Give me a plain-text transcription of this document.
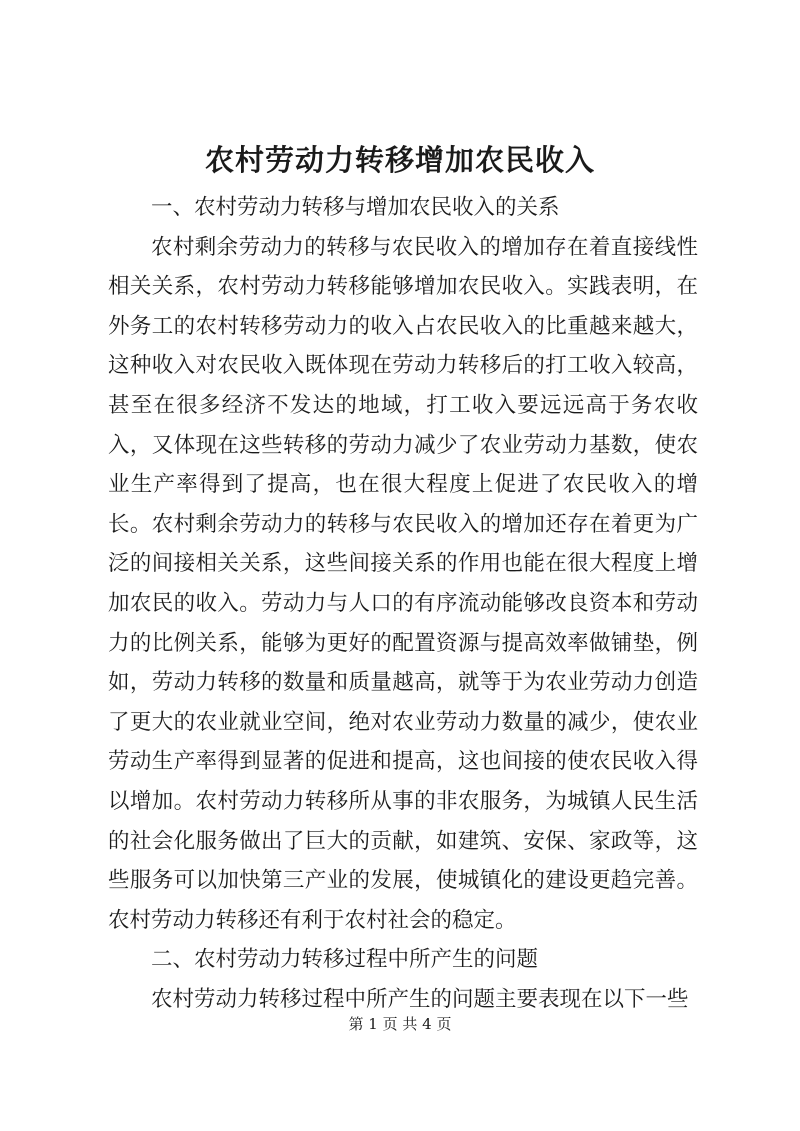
农村劳动力转移增加农民收入

一、农村劳动力转移与增加农民收入的关系

农村剩余劳动力的转移与农民收入的增加存在着直接线性相关关系，农村劳动力转移能够增加农民收入。实践表明，在外务工的农村转移劳动力的收入占农民收入的比重越来越大，这种收入对农民收入既体现在劳动力转移后的打工收入较高，甚至在很多经济不发达的地域，打工收入要远远高于务农收入，又体现在这些转移的劳动力减少了农业劳动力基数，使农业生产率得到了提高，也在很大程度上促进了农民收入的增长。农村剩余劳动力的转移与农民收入的增加还存在着更为广泛的间接相关关系，这些间接关系的作用也能在很大程度上增加农民的收入。劳动力与人口的有序流动能够改良资本和劳动力的比例关系，能够为更好的配置资源与提高效率做铺垫，例如，劳动力转移的数量和质量越高，就等于为农业劳动力创造了更大的农业就业空间，绝对农业劳动力数量的减少，使农业劳动生产率得到显著的促进和提高，这也间接的使农民收入得以增加。农村劳动力转移所从事的非农服务，为城镇人民生活的社会化服务做出了巨大的贡献，如建筑、安保、家政等，这些服务可以加快第三产业的发展，使城镇化的建设更趋完善。农村劳动力转移还有利于农村社会的稳定。

二、农村劳动力转移过程中所产生的问题

农村劳动力转移过程中所产生的问题主要表现在以下一些

第 1 页 共 4 页
